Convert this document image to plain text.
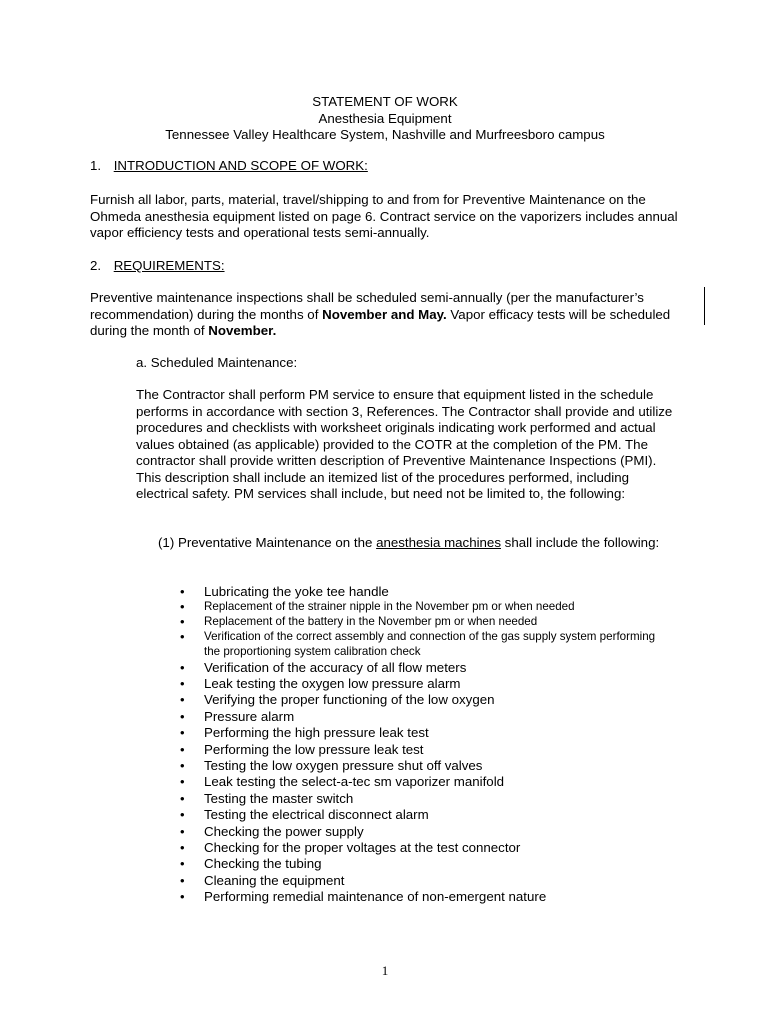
STATEMENT OF WORK
Anesthesia Equipment
Tennessee Valley Healthcare System, Nashville and Murfreesboro campus
1. INTRODUCTION AND SCOPE OF WORK:

Furnish all labor, parts, material, travel/shipping to and from for Preventive Maintenance on the Ohmeda anesthesia equipment listed on page 6. Contract service on the vaporizers includes annual vapor efficiency tests and operational tests semi-annually.

2. REQUIREMENTS:

Preventive maintenance inspections shall be scheduled semi-annually (per the manufacturer’s recommendation) during the months of November and May. Vapor efficacy tests will be scheduled during the month of November.

a. Scheduled Maintenance:

The Contractor shall perform PM service to ensure that equipment listed in the schedule performs in accordance with section 3, References. The Contractor shall provide and utilize procedures and checklists with worksheet originals indicating work performed and actual values obtained (as applicable) provided to the COTR at the completion of the PM. The contractor shall provide written description of Preventive Maintenance Inspections (PMI). This description shall include an itemized list of the procedures performed, including electrical safety. PM services shall include, but need not be limited to, the following:

(1) Preventative Maintenance on the anesthesia machines shall include the following:

• Lubricating the yoke tee handle
• Replacement of the strainer nipple in the November pm or when needed
• Replacement of the battery in the November pm or when needed
• Verification of the correct assembly and connection of the gas supply system performing the proportioning system calibration check
• Verification of the accuracy of all flow meters
• Leak testing the oxygen low pressure alarm
• Verifying the proper functioning of the low oxygen
• Pressure alarm
• Performing the high pressure leak test
• Performing the low pressure leak test
• Testing the low oxygen pressure shut off valves
• Leak testing the select-a-tec sm vaporizer manifold
• Testing the master switch
• Testing the electrical disconnect alarm
• Checking the power supply
• Checking for the proper voltages at the test connector
• Checking the tubing
• Cleaning the equipment
• Performing remedial maintenance of non-emergent nature
1
